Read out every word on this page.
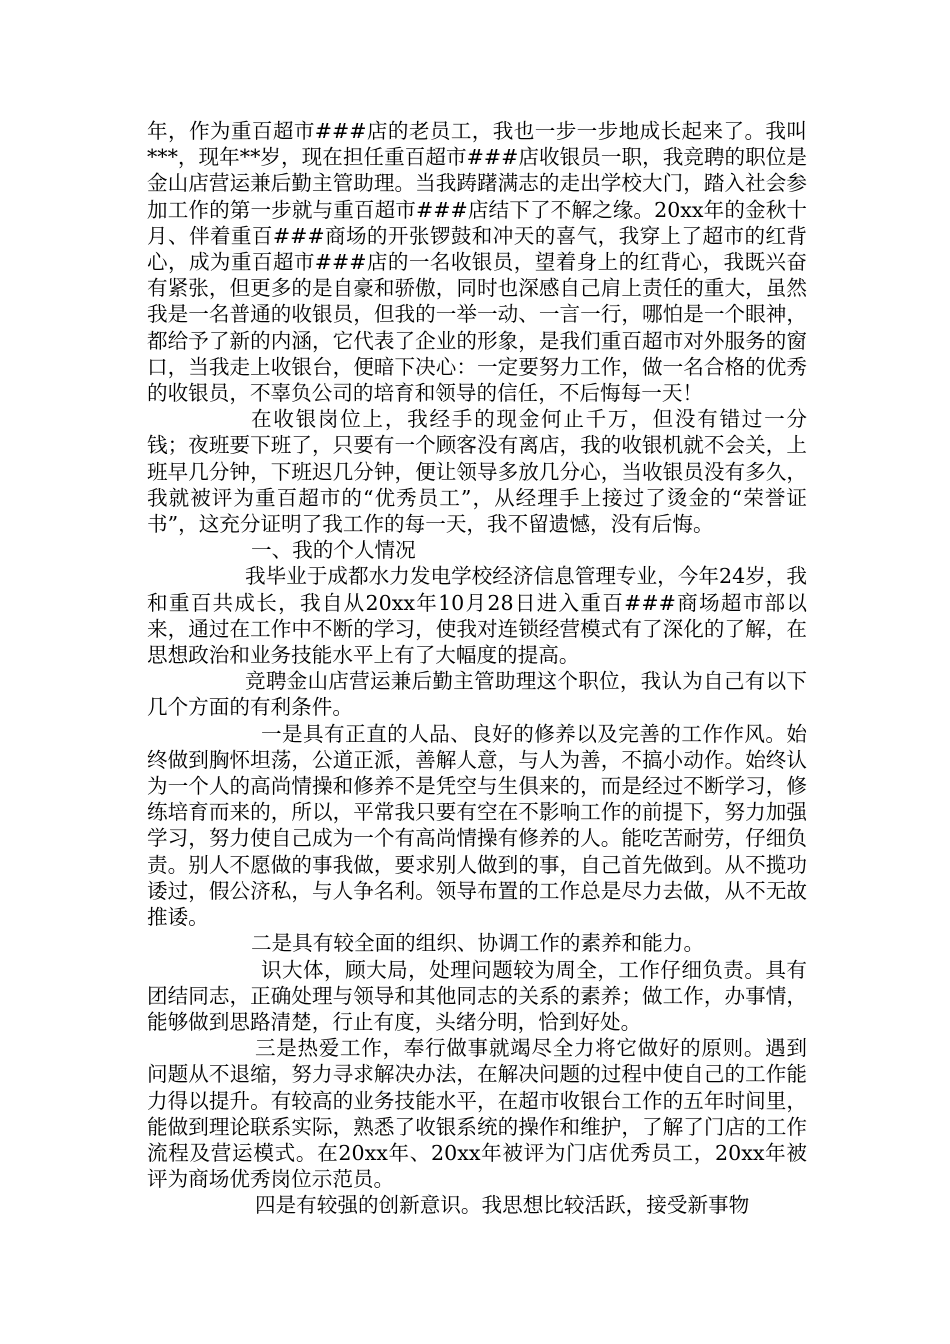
年，作为重百超市###店的老员工，我也一步一步地成长起来了。我叫***，现年**岁，现在担任重百超市###店收银员一职，我竞聘的职位是金山店营运兼后勤主管助理。当我踌躇满志的走出学校大门，踏入社会参加工作的第一步就与重百超市###店结下了不解之缘。20xx年的金秋十月、伴着重百###商场的开张锣鼓和冲天的喜气，我穿上了超市的红背心，成为重百超市###店的一名收银员，望着身上的红背心，我既兴奋有紧张，但更多的是自豪和骄傲，同时也深感自己肩上责任的重大，虽然我是一名普通的收银员，但我的一举一动、一言一行，哪怕是一个眼神，都给予了新的内涵，它代表了企业的形象，是我们重百超市对外服务的窗口，当我走上收银台，便暗下决心：一定要努力工作，做一名合格的优秀的收银员，不辜负公司的培育和领导的信任，不后悔每一天！

在收银岗位上，我经手的现金何止千万，但没有错过一分钱；夜班要下班了，只要有一个顾客没有离店，我的收银机就不会关，上班早几分钟，下班迟几分钟，便让领导多放几分心，当收银员没有多久，我就被评为重百超市的“优秀员工”，从经理手上接过了烫金的“荣誉证书”，这充分证明了我工作的每一天，我不留遗憾，没有后悔。

一、我的个人情况

我毕业于成都水力发电学校经济信息管理专业，今年24岁，我和重百共成长，我自从20xx年10月28日进入重百###商场超市部以来，通过在工作中不断的学习，使我对连锁经营模式有了深化的了解，在思想政治和业务技能水平上有了大幅度的提高。

竞聘金山店营运兼后勤主管助理这个职位，我认为自己有以下几个方面的有利条件。

一是具有正直的人品、良好的修养以及完善的工作作风。始终做到胸怀坦荡，公道正派，善解人意，与人为善，不搞小动作。始终认为一个人的高尚情操和修养不是凭空与生俱来的，而是经过不断学习，修练培育而来的，所以，平常我只要有空在不影响工作的前提下，努力加强学习，努力使自己成为一个有高尚情操有修养的人。能吃苦耐劳，仔细负责。别人不愿做的事我做，要求别人做到的事，自己首先做到。从不揽功诿过，假公济私，与人争名利。领导布置的工作总是尽力去做，从不无故推诿。

二是具有较全面的组织、协调工作的素养和能力。

识大体，顾大局，处理问题较为周全，工作仔细负责。具有团结同志，正确处理与领导和其他同志的关系的素养；做工作，办事情，能够做到思路清楚，行止有度，头绪分明，恰到好处。

三是热爱工作，奉行做事就竭尽全力将它做好的原则。遇到问题从不退缩，努力寻求解决办法，在解决问题的过程中使自己的工作能力得以提升。有较高的业务技能水平，在超市收银台工作的五年时间里，能做到理论联系实际，熟悉了收银系统的操作和维护，了解了门店的工作流程及营运模式。在20xx年、20xx年被评为门店优秀员工，20xx年被评为商场优秀岗位示范员。

四是有较强的创新意识。我思想比较活跃，接受新事物
